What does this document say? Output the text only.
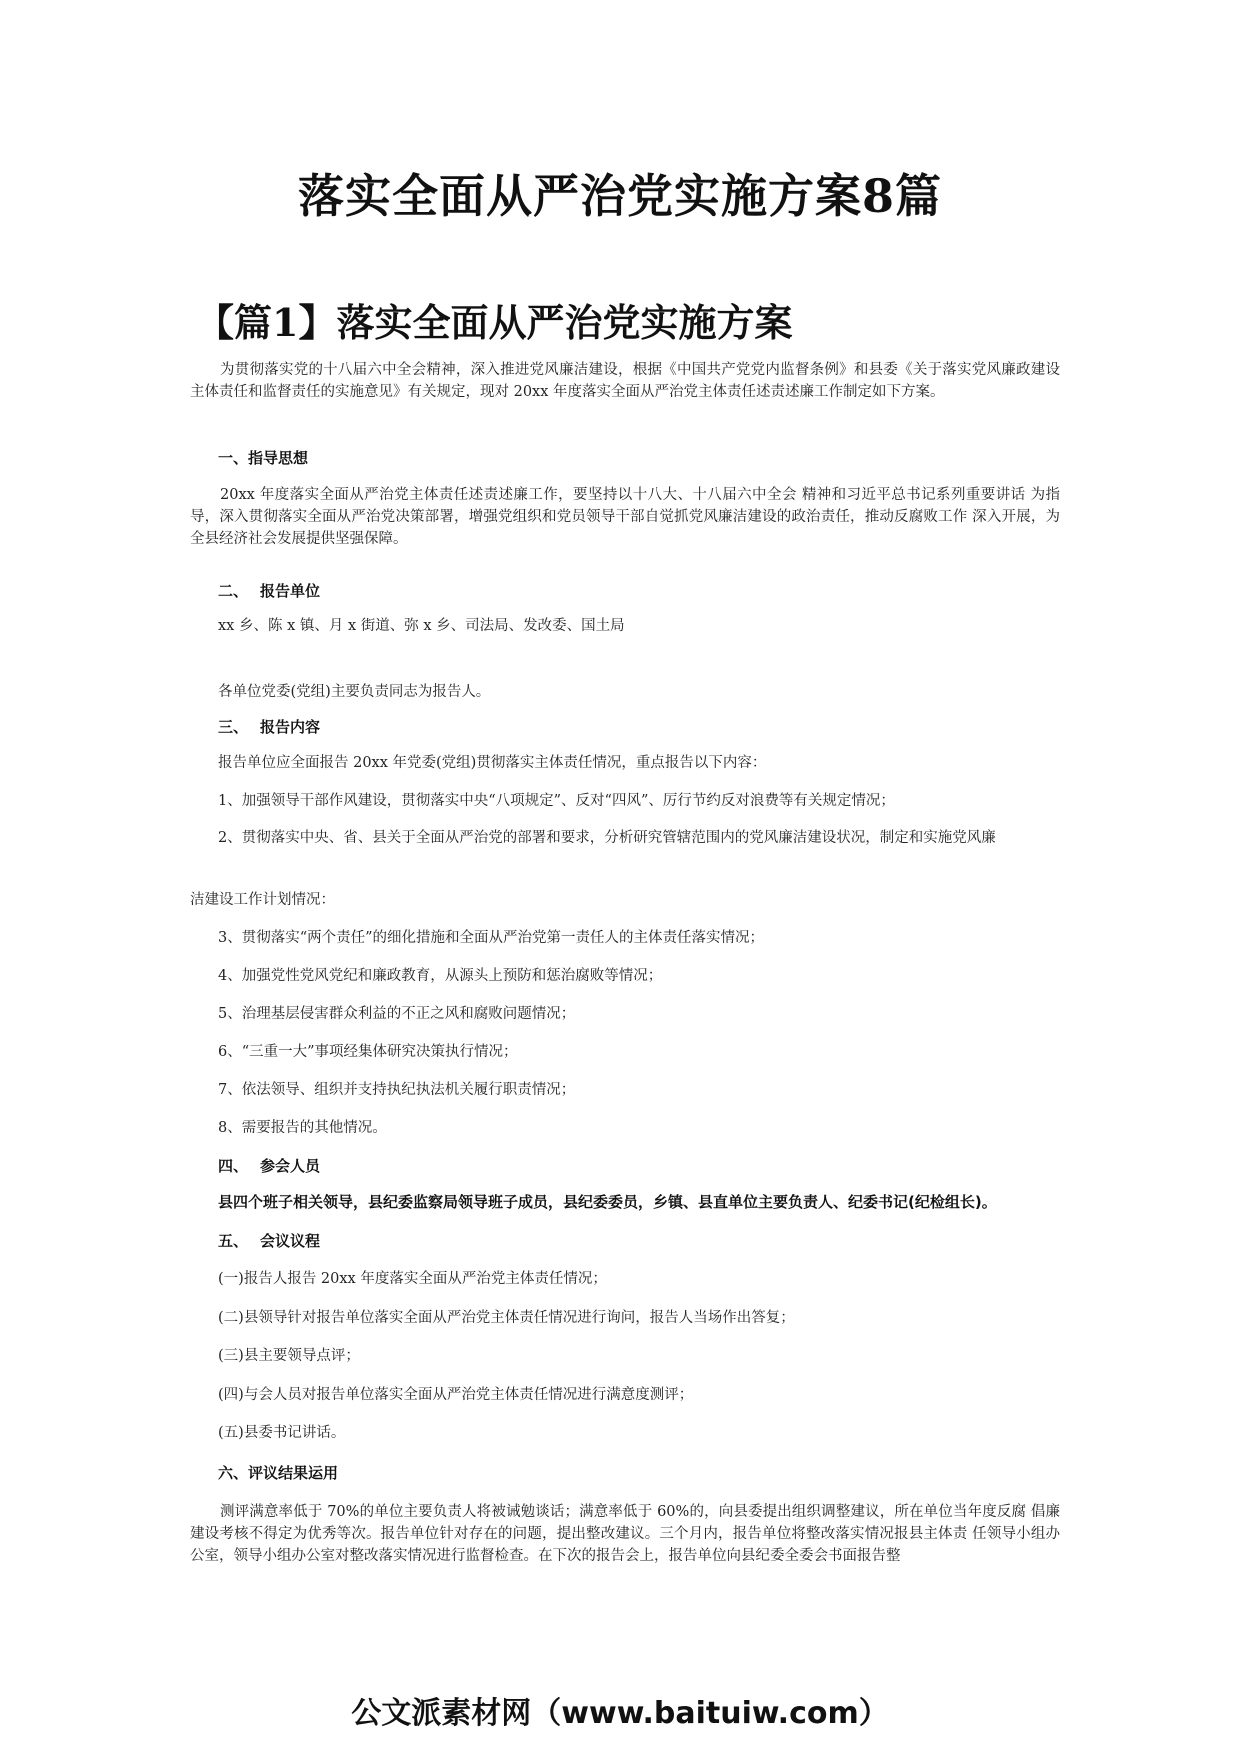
落实全面从严治党实施方案8篇
【篇1】落实全面从严治党实施方案
为贯彻落实党的十八届六中全会精神，深入推进党风廉洁建设，根据《中国共产党党内监督条例》和县委《关于落实党风廉政建设主体责任和监督责任的实施意见》有关规定，现对 20xx 年度落实全面从严治党主体责任述责述廉工作制定如下方案。
一、指导思想
20xx 年度落实全面从严治党主体责任述责述廉工作，要坚持以十八大、十八届六中全会 精神和习近平总书记系列重要讲话 为指导，深入贯彻落实全面从严治党决策部署，增强党组织和党员领导干部自觉抓党风廉洁建设的政治责任，推动反腐败工作 深入开展，为全县经济社会发展提供坚强保障。
二、 报告单位
xx 乡、陈 x 镇、月 x 街道、弥 x 乡、司法局、发改委、国土局
各单位党委(党组)主要负责同志为报告人。
三、 报告内容
报告单位应全面报告 20xx 年党委(党组)贯彻落实主体责任情况，重点报告以下内容：
1、加强领导干部作风建设，贯彻落实中央“八项规定”、反对“四风”、厉行节约反对浪费等有关规定情况；
2、贯彻落实中央、省、县关于全面从严治党的部署和要求，分析研究管辖范围内的党风廉洁建设状况，制定和实施党风廉
洁建设工作计划情况：
3、贯彻落实“两个责任”的细化措施和全面从严治党第一责任人的主体责任落实情况；
4、加强党性党风党纪和廉政教育，从源头上预防和惩治腐败等情况；
5、治理基层侵害群众利益的不正之风和腐败问题情况；
6、“三重一大”事项经集体研究决策执行情况；
7、依法领导、组织并支持执纪执法机关履行职责情况；
8、需要报告的其他情况。
四、 参会人员
县四个班子相关领导，县纪委监察局领导班子成员，县纪委委员，乡镇、县直单位主要负责人、纪委书记(纪检组长)。
五、 会议议程
(一)报告人报告 20xx 年度落实全面从严治党主体责任情况；
(二)县领导针对报告单位落实全面从严治党主体责任情况进行询问，报告人当场作出答复；
(三)县主要领导点评；
(四)与会人员对报告单位落实全面从严治党主体责任情况进行满意度测评；
(五)县委书记讲话。
六、评议结果运用
测评满意率低于 70%的单位主要负责人将被诫勉谈话；满意率低于 60%的，向县委提出组织调整建议，所在单位当年度反腐 倡廉建设考核不得定为优秀等次。报告单位针对存在的问题，提出整改建议。三个月内，报告单位将整改落实情况报县主体责 任领导小组办公室，领导小组办公室对整改落实情况进行监督检查。在下次的报告会上，报告单位向县纪委全委会书面报告整
公文派素材网（www.baituiw.com）
